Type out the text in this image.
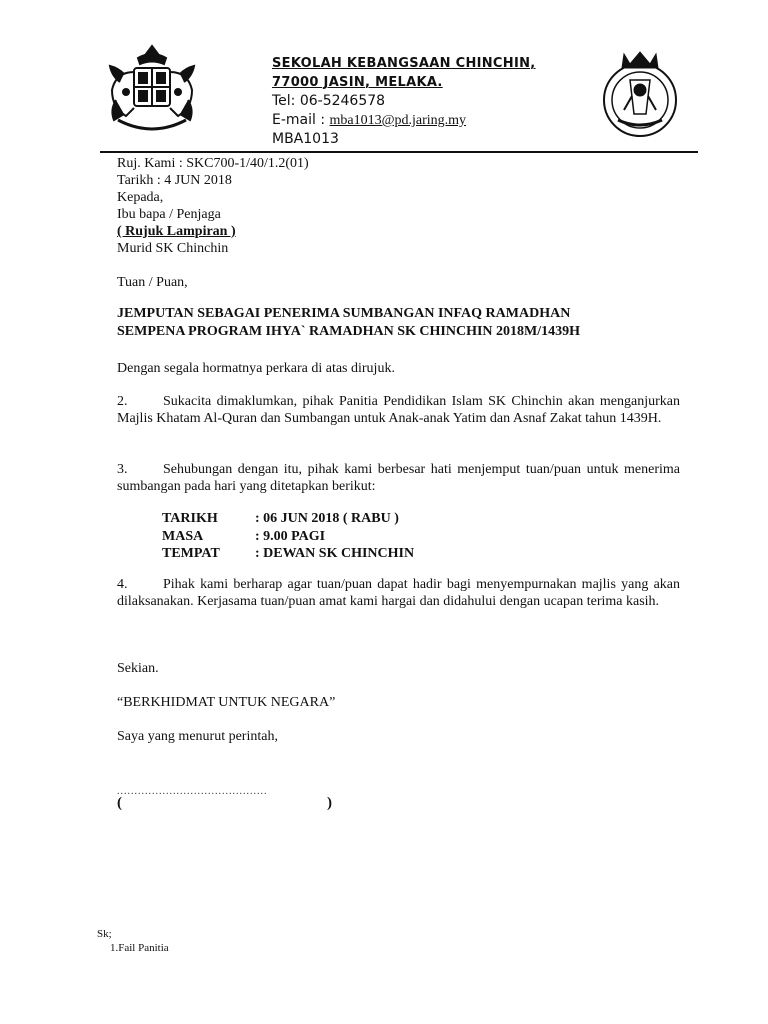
SEKOLAH KEBANGSAAN CHINCHIN,
77000 JASIN, MELAKA.
Tel: 06-5246578
E-mail : mba1013@pd.jaring.my
MBA1013
Ruj. Kami : SKC700-1/40/1.2(01)
Tarikh : 4 JUN 2018
Kepada,
Ibu bapa / Penjaga
( Rujuk Lampiran )
Murid SK Chinchin
Tuan / Puan,
JEMPUTAN SEBAGAI PENERIMA SUMBANGAN INFAQ RAMADHAN
SEMPENA PROGRAM IHYA` RAMADHAN SK CHINCHIN 2018M/1439H
Dengan segala hormatnya perkara di atas dirujuk.

2.	Sukacita dimaklumkan, pihak Panitia Pendidikan Islam SK Chinchin akan menganjurkan Majlis Khatam Al-Quran dan Sumbangan untuk Anak-anak Yatim dan Asnaf Zakat tahun 1439H.

3.	Sehubungan dengan itu, pihak kami berbesar hati menjemput tuan/puan untuk menerima sumbangan pada hari yang ditetapkan berikut:

TARIKH	: 06 JUN 2018 ( RABU )
MASA	: 9.00 PAGI
TEMPAT	: DEWAN SK CHINCHIN

4.	Pihak kami berharap agar tuan/puan dapat hadir bagi menyempurnakan majlis yang akan dilaksanakan. Kerjasama tuan/puan amat kami hargai dan didahului dengan ucapan terima kasih.

Sekian.
“BERKHIDMAT UNTUK NEGARA”
Saya yang menurut perintah,
...........................................
(	)
Sk;
1.Fail Panitia
